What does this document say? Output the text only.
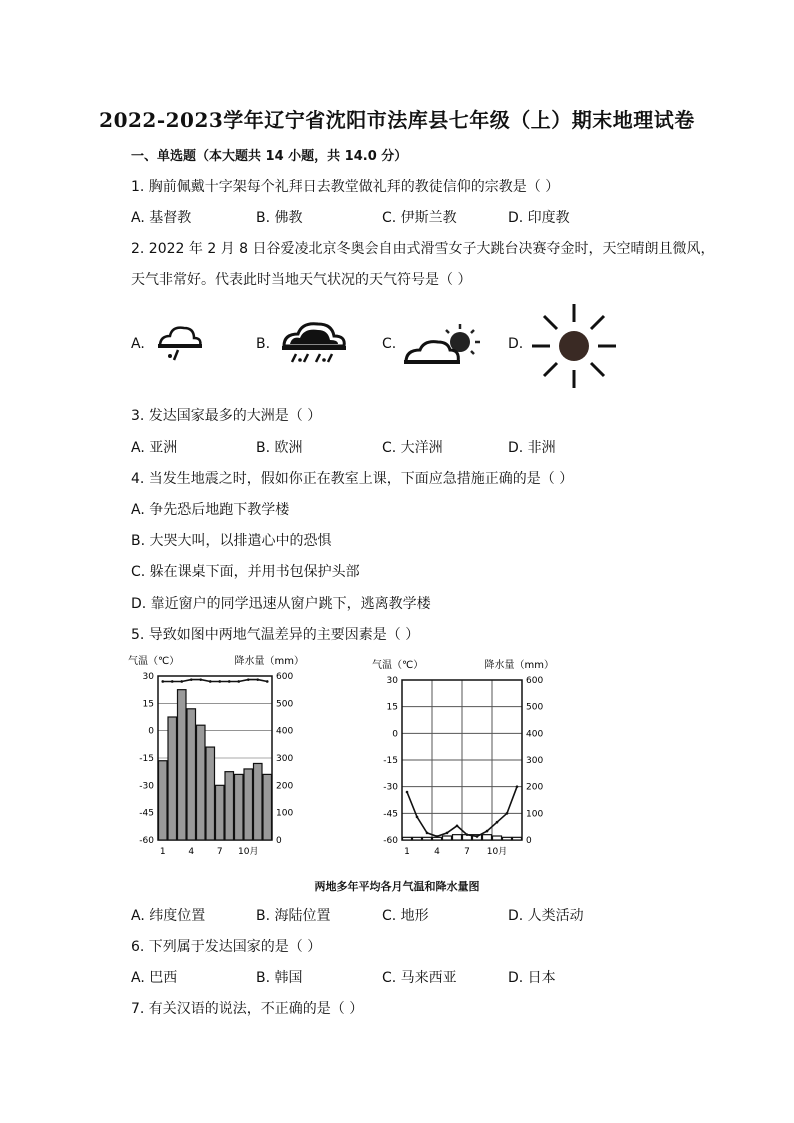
2022-2023学年辽宁省沈阳市法库县七年级（上）期末地理试卷
一、单选题（本大题共 14 小题，共 14.0 分）
1. 胸前佩戴十字架每个礼拜日去教堂做礼拜的教徒信仰的宗教是（ ）
A. 基督教	B. 佛教	C. 伊斯兰教	D. 印度教
2. 2022 年 2 月 8 日谷爱凌北京冬奥会自由式滑雪女子大跳台决赛夺金时，天空晴朗且微风，
天气非常好。代表此时当地天气状况的天气符号是（ ）
A.	B.	C.	D.
3. 发达国家最多的大洲是（ ）
A. 亚洲	B. 欧洲	C. 大洋洲	D. 非洲
4. 当发生地震之时，假如你正在教室上课，下面应急措施正确的是（ ）
A. 争先恐后地跑下教学楼
B. 大哭大叫，以排遣心中的恐惧
C. 躲在课桌下面，并用书包保护头部
D. 靠近窗户的同学迅速从窗户跳下，逃离教学楼
5. 导致如图中两地气温差异的主要因素是（ ）
气温（℃）	降水量（mm）
30
15
0
-15
-30
-45
-60
600
500
400
300
200
100
0
1	4	7 10月
气温（℃）	降水量（mm）
30
15
0
-15
-30
-45
-60
600
500
400
300
200
100
0
1	4	7 10月
两地多年平均各月气温和降水量图
A. 纬度位置	B. 海陆位置	C. 地形	D. 人类活动
6. 下列属于发达国家的是（ ）
A. 巴西	B. 韩国	C. 马来西亚	D. 日本
7. 有关汉语的说法，不正确的是（ ）
